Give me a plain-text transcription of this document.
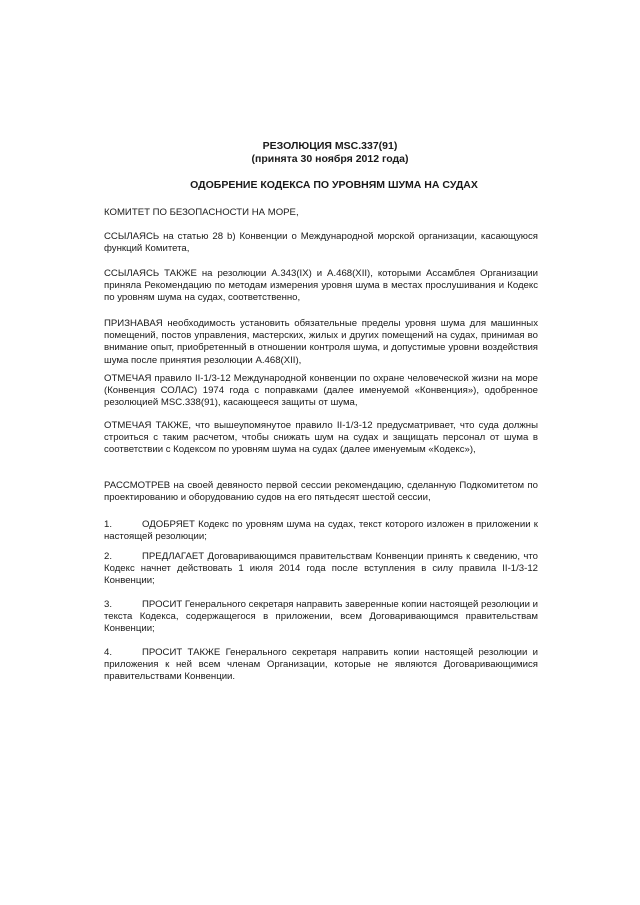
РЕЗОЛЮЦИЯ MSC.337(91)
(принята 30 ноября 2012 года)
ОДОБРЕНИЕ КОДЕКСА ПО УРОВНЯМ ШУМА НА СУДАХ

КОМИТЕТ ПО БЕЗОПАСНОСТИ НА МОРЕ,

ССЫЛАЯСЬ на статью 28 b) Конвенции о Международной морской организации, касающуюся функций Комитета,

ССЫЛАЯСЬ ТАКЖЕ на резолюции A.343(IX) и A.468(XII), которыми Ассамблея Организации приняла Рекомендацию по методам измерения уровня шума в местах прослушивания и Кодекс по уровням шума на судах, соответственно,

ПРИЗНАВАЯ необходимость установить обязательные пределы уровня шума для машинных помещений, постов управления, мастерских, жилых и других помещений на судах, принимая во внимание опыт, приобретенный в отношении контроля шума, и допустимые уровни воздействия шума после принятия резолюции A.468(XII),

ОТМЕЧАЯ правило II-1/3-12 Международной конвенции по охране человеческой жизни на море (Конвенция СОЛАС) 1974 года с поправками (далее именуемой «Конвенция»), одобренное резолюцией MSC.338(91), касающееся защиты от шума,

ОТМЕЧАЯ ТАКЖЕ, что вышеупомянутое правило II-1/3-12 предусматривает, что суда должны строиться с таким расчетом, чтобы снижать шум на судах и защищать персонал от шума в соответствии с Кодексом по уровням шума на судах (далее именуемым «Кодекс»),

РАССМОТРЕВ на своей девяносто первой сессии рекомендацию, сделанную Подкомитетом по проектированию и оборудованию судов на его пятьдесят шестой сессии,

1.	ОДОБРЯЕТ Кодекс по уровням шума на судах, текст которого изложен в приложении к настоящей резолюции;

2.	ПРЕДЛАГАЕТ Договаривающимся правительствам Конвенции принять к сведению, что Кодекс начнет действовать 1 июля 2014 года после вступления в силу правила II-1/3-12 Конвенции;

3.	ПРОСИТ Генерального секретаря направить заверенные копии настоящей резолюции и текста Кодекса, содержащегося в приложении, всем Договаривающимся правительствам Конвенции;

4.	ПРОСИТ ТАКЖЕ Генерального секретаря направить копии настоящей резолюции и приложения к ней всем членам Организации, которые не являются Договаривающимися правительствами Конвенции.
